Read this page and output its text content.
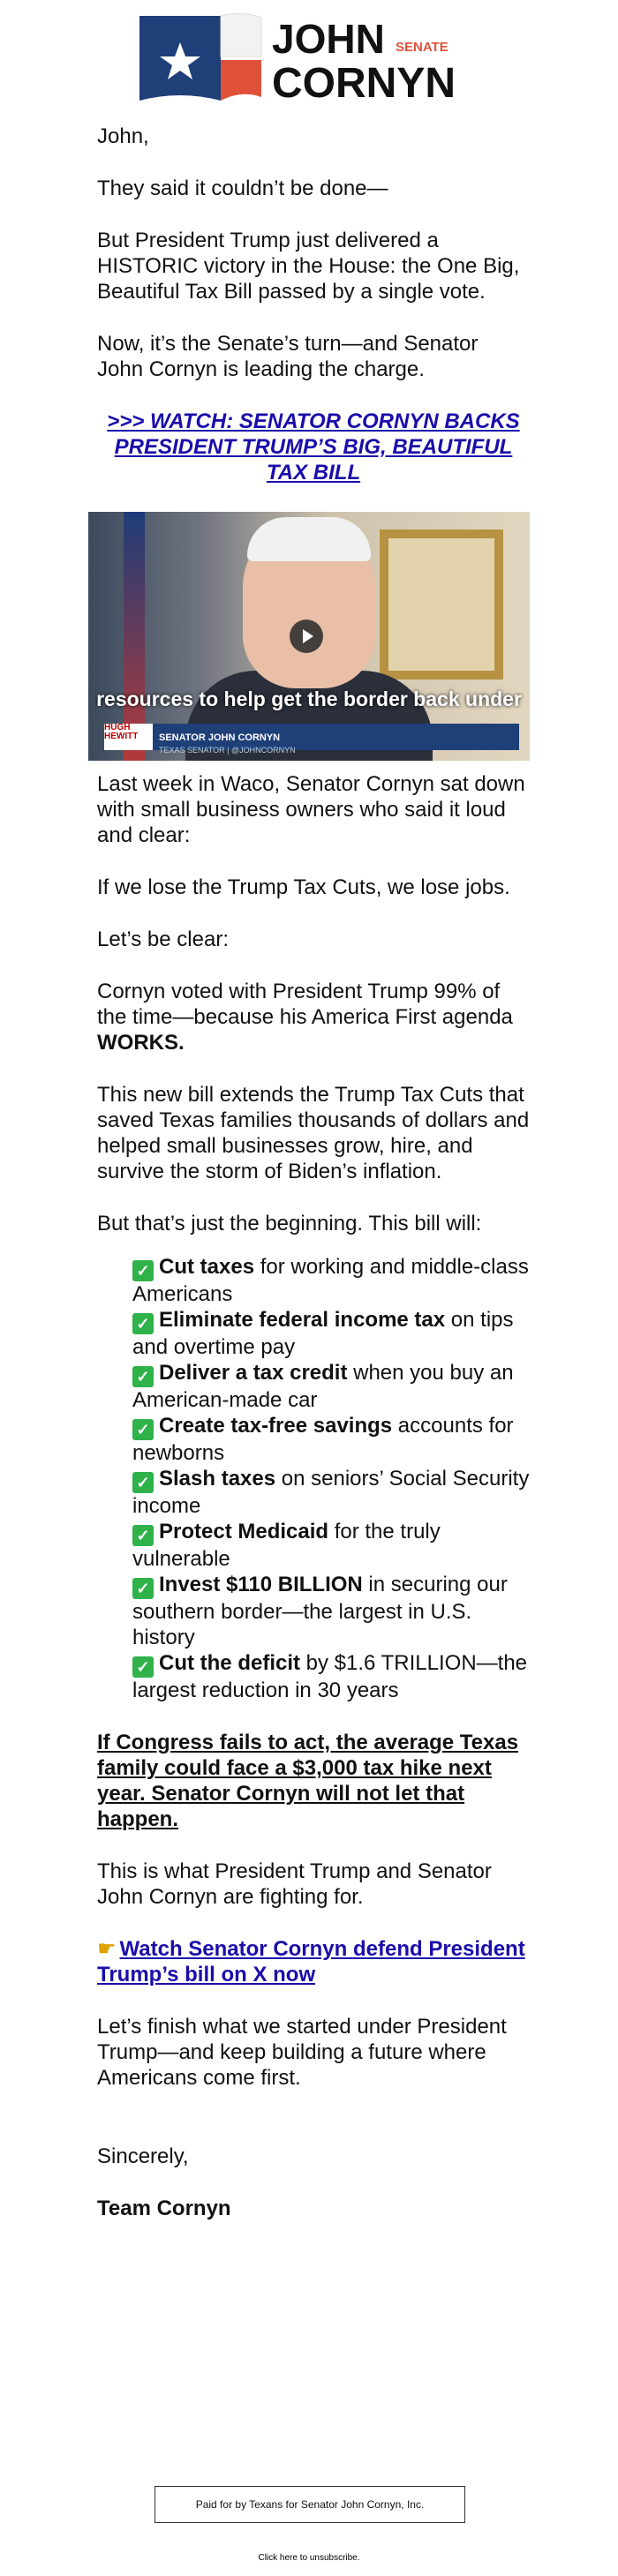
JOHN SENATE
CORNYN

John,

They said it couldn’t be done—

But President Trump just delivered a HISTORIC victory in the House: the One Big, Beautiful Tax Bill passed by a single vote.

Now, it’s the Senate’s turn—and Senator John Cornyn is leading the charge.

>>> WATCH: SENATOR CORNYN BACKS PRESIDENT TRUMP’S BIG, BEAUTIFUL TAX BILL
HUGH HEWITT	SENATOR JOHN CORNYN
TEXAS SENATOR | @JOHNCORNYN
resources to help get the border back under

Last week in Waco, Senator Cornyn sat down with small business owners who said it loud and clear:

If we lose the Trump Tax Cuts, we lose jobs.

Let’s be clear:

Cornyn voted with President Trump 99% of the time—because his America First agenda WORKS.

This new bill extends the Trump Tax Cuts that saved Texas families thousands of dollars and helped small businesses grow, hire, and survive the storm of Biden’s inflation.

But that’s just the beginning. This bill will:

✓ Cut taxes for working and middle-class Americans
✓ Eliminate federal income tax on tips and overtime pay
✓ Deliver a tax credit when you buy an American-made car
✓ Create tax-free savings accounts for newborns
✓ Slash taxes on seniors’ Social Security income
✓ Protect Medicaid for the truly vulnerable
✓ Invest $110 BILLION in securing our southern border—the largest in U.S. history
✓ Cut the deficit by $1.6 TRILLION—the largest reduction in 30 years

If Congress fails to act, the average Texas family could face a $3,000 tax hike next year. Senator Cornyn will not let that happen.

This is what President Trump and Senator John Cornyn are fighting for.

☛ Watch Senator Cornyn defend President Trump’s bill on X now

Let’s finish what we started under President Trump—and keep building a future where Americans come first.

Sincerely,

Team Cornyn

Paid for by Texans for Senator John Cornyn, Inc.
Click here to unsubscribe.
